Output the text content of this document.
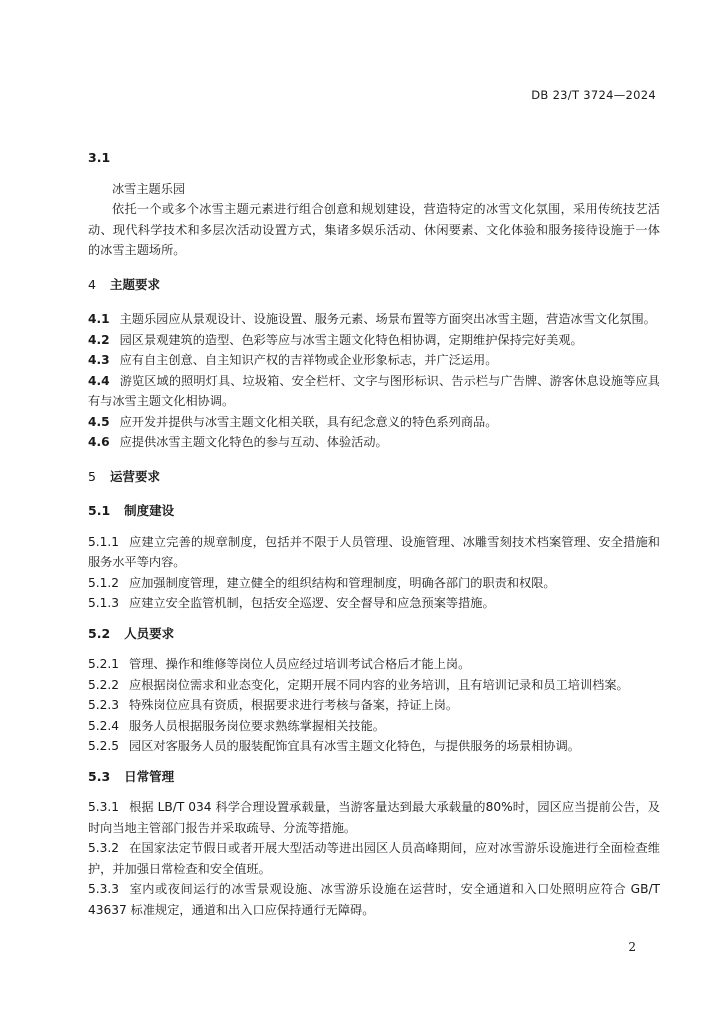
DB 23/T 3724—2024

3.1

冰雪主题乐园

依托一个或多个冰雪主题元素进行组合创意和规划建设，营造特定的冰雪文化氛围，采用传统技艺活动、现代科学技术和多层次活动设置方式，集诸多娱乐活动、休闲要素、文化体验和服务接待设施于一体的冰雪主题场所。

4 主题要求

4.1 主题乐园应从景观设计、设施设置、服务元素、场景布置等方面突出冰雪主题，营造冰雪文化氛围。

4.2 园区景观建筑的造型、色彩等应与冰雪主题文化特色相协调，定期维护保持完好美观。

4.3 应有自主创意、自主知识产权的吉祥物或企业形象标志，并广泛运用。

4.4 游览区域的照明灯具、垃圾箱、安全栏杆、文字与图形标识、告示栏与广告牌、游客休息设施等应具有与冰雪主题文化相协调。

4.5 应开发并提供与冰雪主题文化相关联，具有纪念意义的特色系列商品。

4.6 应提供冰雪主题文化特色的参与互动、体验活动。

5 运营要求

5.1 制度建设

5.1.1 应建立完善的规章制度，包括并不限于人员管理、设施管理、冰雕雪刻技术档案管理、安全措施和服务水平等内容。

5.1.2 应加强制度管理，建立健全的组织结构和管理制度，明确各部门的职责和权限。

5.1.3 应建立安全监管机制，包括安全巡逻、安全督导和应急预案等措施。

5.2 人员要求

5.2.1 管理、操作和维修等岗位人员应经过培训考试合格后才能上岗。

5.2.2 应根据岗位需求和业态变化，定期开展不同内容的业务培训，且有培训记录和员工培训档案。

5.2.3 特殊岗位应具有资质，根据要求进行考核与备案，持证上岗。

5.2.4 服务人员根据服务岗位要求熟练掌握相关技能。

5.2.5 园区对客服务人员的服装配饰宜具有冰雪主题文化特色，与提供服务的场景相协调。

5.3 日常管理

5.3.1 根据 LB/T 034 科学合理设置承载量，当游客量达到最大承载量的80%时，园区应当提前公告，及时向当地主管部门报告并采取疏导、分流等措施。

5.3.2 在国家法定节假日或者开展大型活动等进出园区人员高峰期间，应对冰雪游乐设施进行全面检查维护，并加强日常检查和安全值班。

5.3.3 室内或夜间运行的冰雪景观设施、冰雪游乐设施在运营时，安全通道和入口处照明应符合 GB/T 43637 标准规定，通道和出入口应保持通行无障碍。

2
